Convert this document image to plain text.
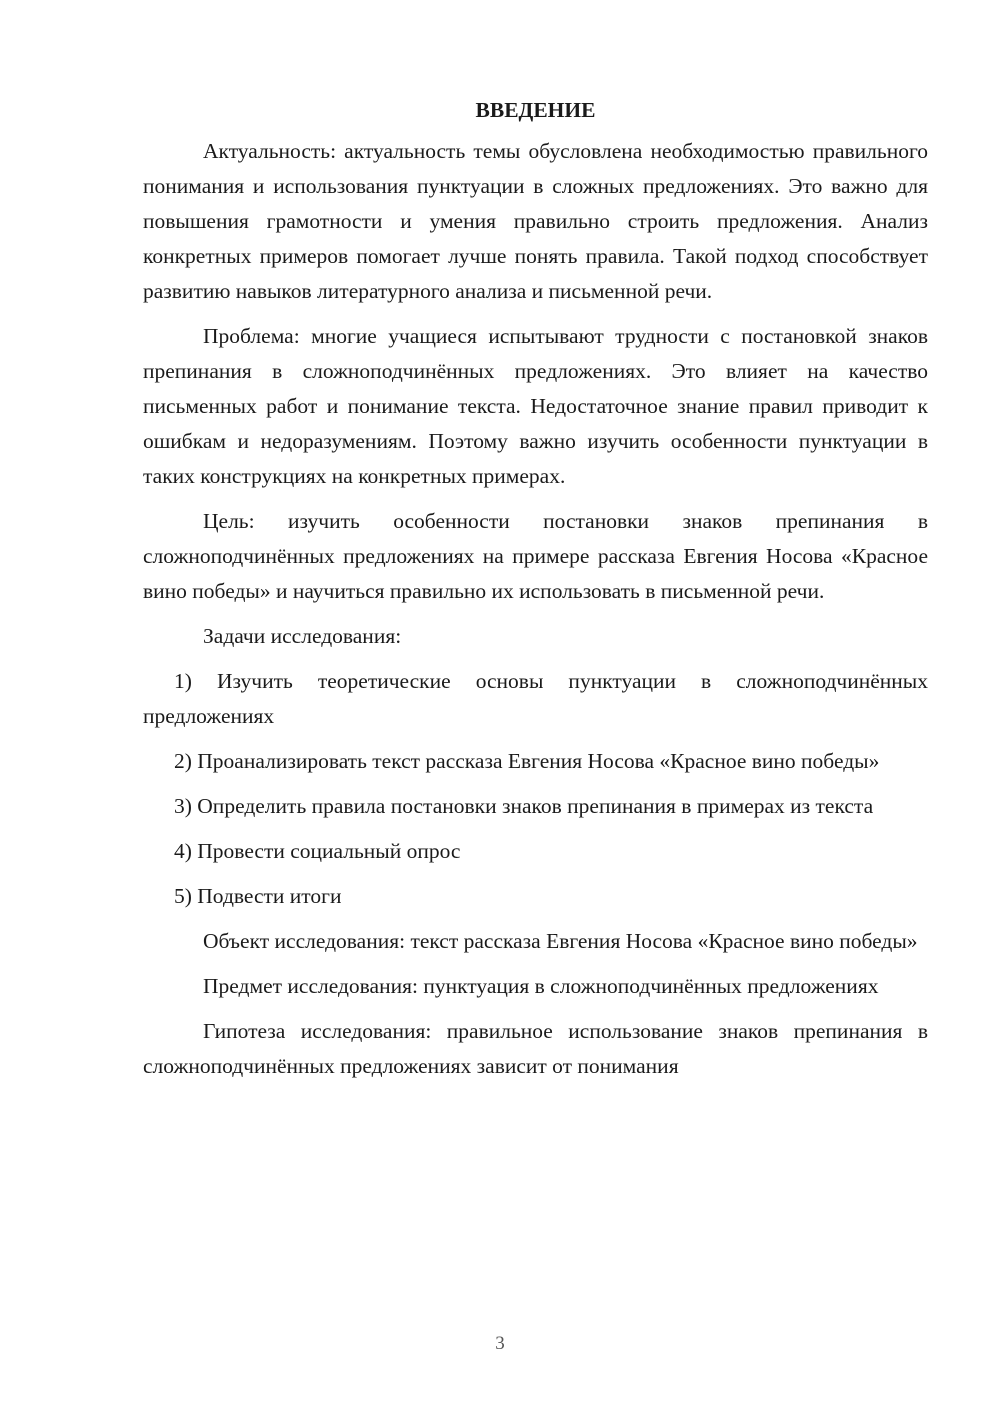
ВВЕДЕНИЕ

Актуальность: актуальность темы обусловлена необходимостью правильного понимания и использования пунктуации в сложных предложениях. Это важно для повышения грамотности и умения правильно строить предложения. Анализ конкретных примеров помогает лучше понять правила. Такой подход способствует развитию навыков литературного анализа и письменной речи.

Проблема: многие учащиеся испытывают трудности с постановкой знаков препинания в сложноподчинённых предложениях. Это влияет на качество письменных работ и понимание текста. Недостаточное знание правил приводит к ошибкам и недоразумениям. Поэтому важно изучить особенности пунктуации в таких конструкциях на конкретных примерах.

Цель: изучить особенности постановки знаков препинания в сложноподчинённых предложениях на примере рассказа Евгения Носова «Красное вино победы» и научиться правильно их использовать в письменной речи.

Задачи исследования:

1) Изучить теоретические основы пунктуации в сложноподчинённых предложениях

2) Проанализировать текст рассказа Евгения Носова «Красное вино победы»

3) Определить правила постановки знаков препинания в примерах из текста

4) Провести социальный опрос

5) Подвести итоги

Объект исследования: текст рассказа Евгения Носова «Красное вино победы»

Предмет исследования: пунктуация в сложноподчинённых предложениях

Гипотеза исследования: правильное использование знаков препинания в сложноподчинённых предложениях зависит от понимания

3
